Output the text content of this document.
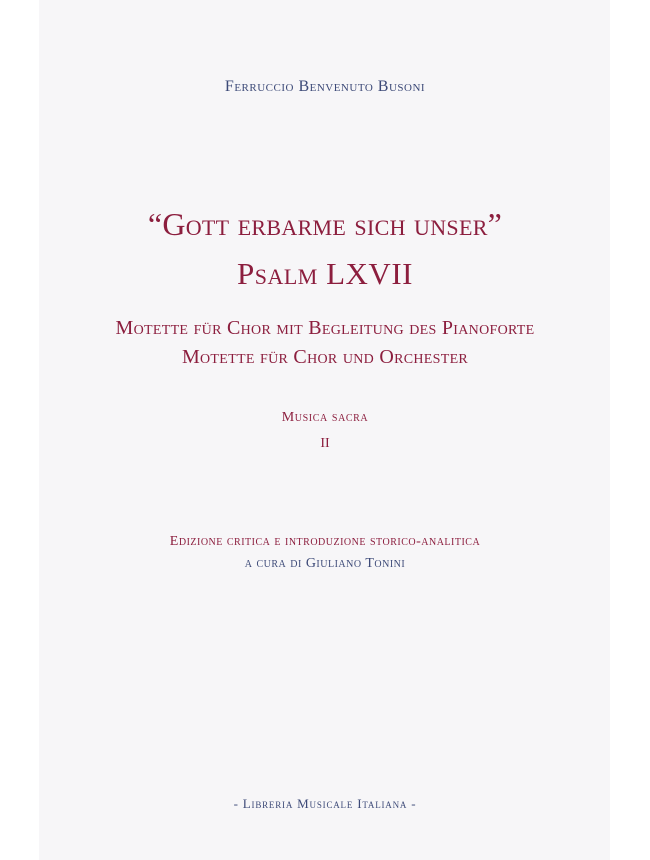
Ferruccio Benvenuto Busoni
“Gott erbarme sich unser”
Psalm LXVII
Motette für Chor mit Begleitung des Pianoforte
Motette für Chor und Orchester
Musica sacra
II
Edizione critica e introduzione storico-analitica
a cura di Giuliano Tonini
- Libreria Musicale Italiana -
